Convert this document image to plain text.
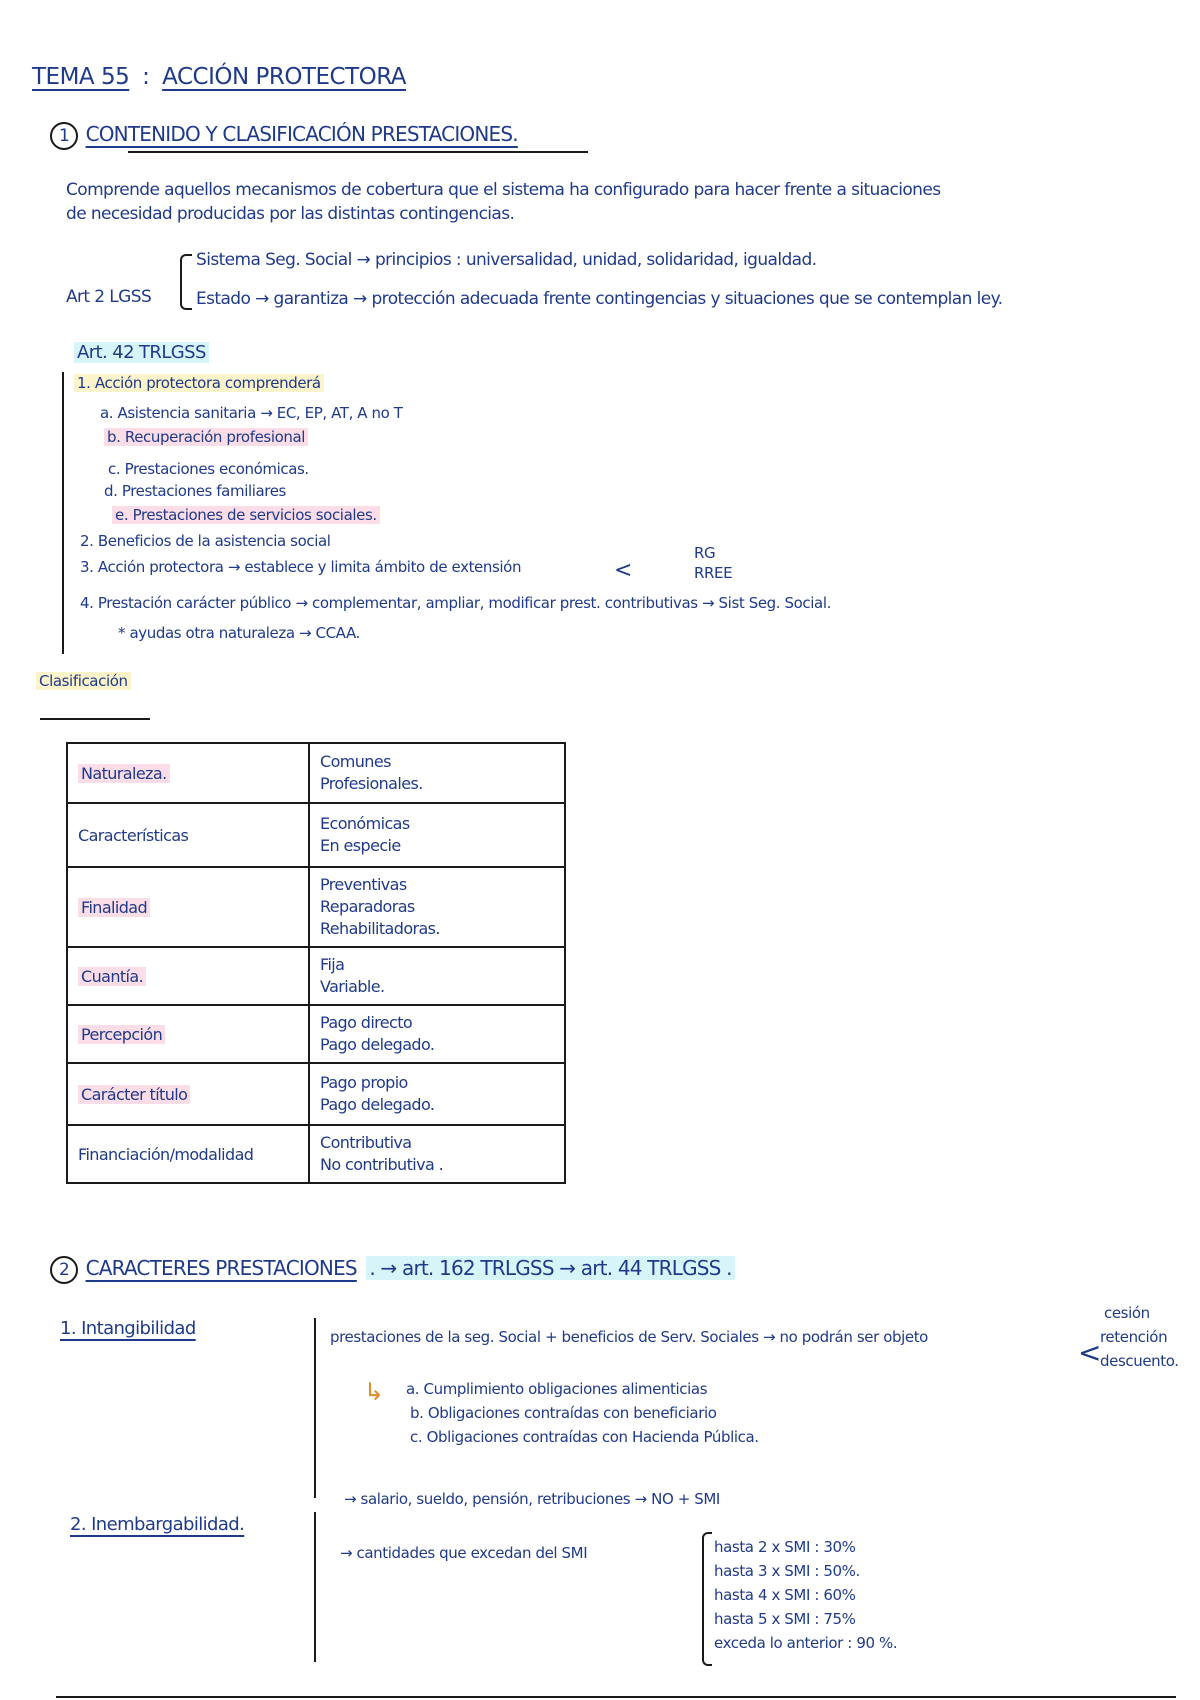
TEMA 55 : ACCIÓN PROTECTORA
1 CONTENIDO Y CLASIFICACIÓN PRESTACIONES.
Comprende aquellos mecanismos de cobertura que el sistema ha configurado para hacer frente a situaciones
de necesidad producidas por las distintas contingencias.
Art 2 LGSS
Sistema Seg. Social → principios : universalidad, unidad, solidaridad, igualdad.
Estado → garantiza → protección adecuada frente contingencias y situaciones que se contemplan ley.
Art. 42 TRLGSS
1. Acción protectora comprenderá
a. Asistencia sanitaria → EC, EP, AT, A no T
b. Recuperación profesional
c. Prestaciones económicas.
d. Prestaciones familiares
e. Prestaciones de servicios sociales.
2. Beneficios de la asistencia social
3. Acción protectora → establece y limita ámbito de extensión	<
RG
RREE
4. Prestación carácter público → complementar, ampliar, modificar prest. contributivas → Sist Seg. Social.
* ayudas otra naturaleza → CCAA.
Clasificación
Naturaleza.	Comunes
Profesionales.

Características	Económicas
En especie

Finalidad	Preventivas
Reparadoras
Rehabilitadoras.

Cuantía.	Fija
Variable.

Percepción	Pago directo
Pago delegado.

Carácter título	Pago propio
Pago delegado.

Financiación/modalidad	Contributiva
No contributiva .
2 CARACTERES PRESTACIONES . → art. 162 TRLGSS → art. 44 TRLGSS .
1. Intangibilidad	prestaciones de la seg. Social + beneficios de Serv. Sociales → no podrán ser objeto	<
cesión
retención
descuento.
↳ a. Cumplimiento obligaciones alimenticias
b. Obligaciones contraídas con beneficiario
c. Obligaciones contraídas con Hacienda Pública.
2. Inembargabilidad.
→ salario, sueldo, pensión, retribuciones → NO + SMI
→ cantidades que excedan del SMI	hasta 2 x SMI : 30%
hasta 3 x SMI : 50%.
hasta 4 x SMI : 60%
hasta 5 x SMI : 75%
exceda lo anterior : 90 %.
